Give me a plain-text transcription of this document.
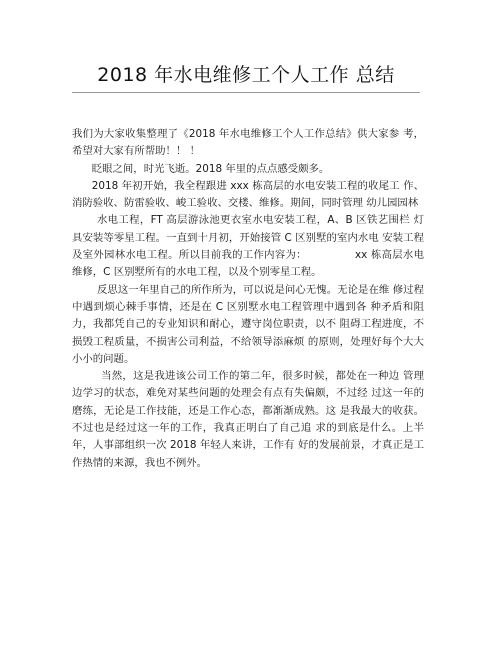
2018 年水电维修工个人工作 总结

我们为大家收集整理了《2018 年水电维修工个人工作总结》供大家参 考，希望对大家有所帮助！！ ！

眨眼之间，时光飞逝。2018 年里的点点感受颇多。

2018 年初开始，我全程跟进 xxx 栋高层的水电安装工程的收尾工 作、消防验收、防雷验收、峻工验收、交楼、维修。期间，同时管理 幼儿园园林

水电工程，FT 高层游泳池更衣室水电安装工程，A、B 区铁艺围栏 灯具安装等零星工程。一直到十月初，开始接管 C 区别墅的室内水电 安装工程及室外园林水电工程。所以目前我的工作内容为：　　　　　xx 栋高层水电维修，C 区别墅所有的水电工程，以及个别零星工程。

反思这一年里自己的所作所为，可以说是问心无愧。无论是在维 修过程中遇到烦心棘手事情，还是在 C 区别墅水电工程管理中遇到各 种矛盾和阻力，我都凭自己的专业知识和耐心，遵守岗位职责，以不 阻碍工程进度，不损毁工程质量，不损害公司利益，不给领导添麻烦 的原则，处理好每个大大小小的问题。

当然，这是我进该公司工作的第二年，很多时候，都处在一种边 管理边学习的状态，难免对某些问题的处理会有点有失偏颇，不过经 过这一年的磨练，无论是工作技能，还是工作心态，都渐渐成熟。这 是我最大的收获。不过也是经过这一年的工作，我真正明白了自己追 求的到底是什么。上半年，人事部组织一次 2018 年轻人来讲，工作有 好的发展前景，才真正是工作热情的来源，我也不例外。
